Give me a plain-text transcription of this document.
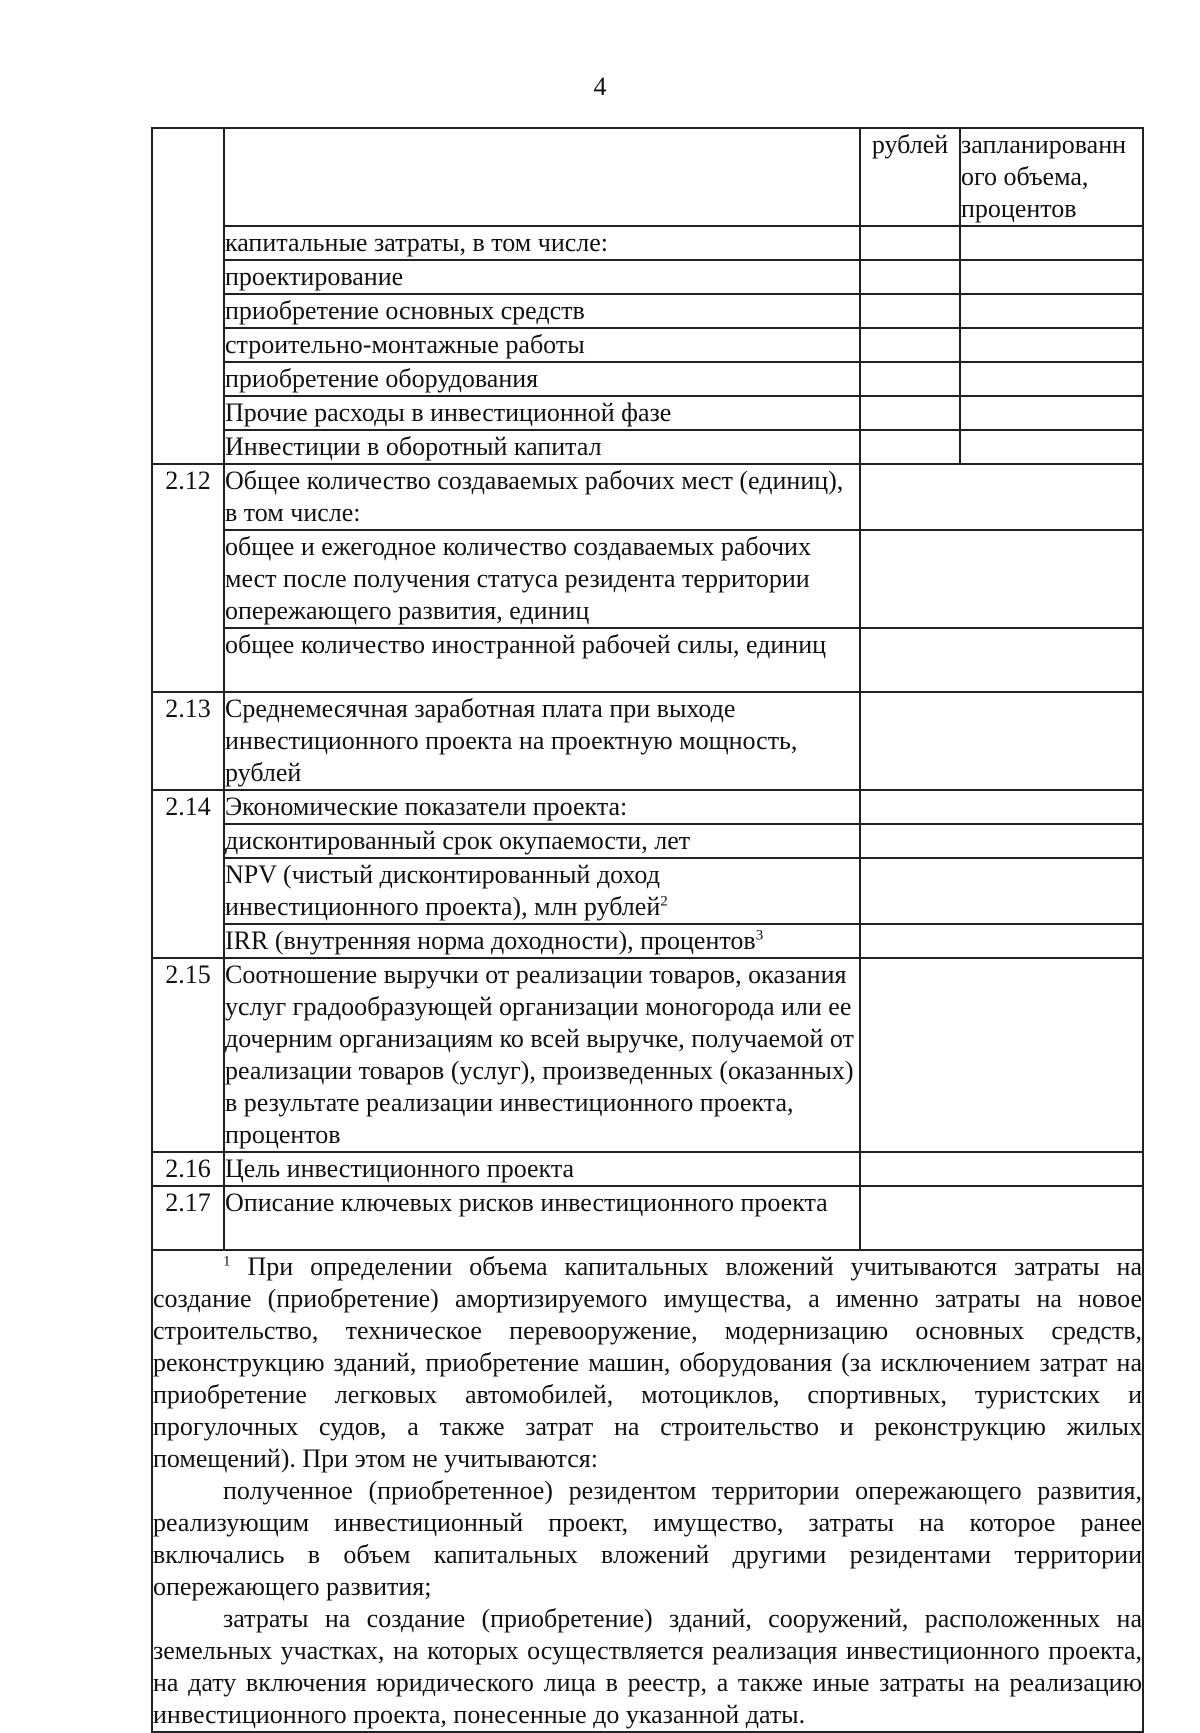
4
		рублей	запланированн ого объема, процентов
	капитальные затраты, в том числе:		
	проектирование		
	приобретение основных средств		
	строительно-монтажные работы		
	приобретение оборудования		
	Прочие расходы в инвестиционной фазе		
	Инвестиции в оборотный капитал		
2.12	Общее количество создаваемых рабочих мест (единиц), в том числе:		
	общее и ежегодное количество создаваемых рабочих мест после получения статуса резидента территории опережающего развития, единиц		
	общее количество иностранной рабочей силы, единиц		
2.13	Среднемесячная заработная плата при выходе инвестиционного проекта на проектную мощность, рублей		
2.14	Экономические показатели проекта:		
	дисконтированный срок окупаемости, лет		
	NPV (чистый дисконтированный доход инвестиционного проекта), млн рублей$^2$	
	IRR (внутренняя норма доходности), процентов$^3$	
2.15	Соотношение выручки от реализации товаров, оказания услуг градообразующей организации моногорода или ее дочерним организациям ко всей выручке, получаемой от реализации товаров (услуг), произведенных (оказанных) в результате реализации инвестиционного проекта, процентов		
2.16	Цель инвестиционного проекта		
2.17	Описание ключевых рисков инвестиционного проекта		

$^1$ При определении объема капитальных вложений учитываются затраты на создание (приобретение) амортизируемого имущества, а именно затраты на новое строительство, техническое перевооружение, модернизацию основных средств, реконструкцию зданий, приобретение машин, оборудования (за исключением затрат на приобретение легковых автомобилей, мотоциклов, спортивных, туристских и прогулочных судов, а также затрат на строительство и реконструкцию жилых помещений). При этом не учитываются:

полученное (приобретенное) резидентом территории опережающего развития, реализующим инвестиционный проект, имущество, затраты на которое ранее включались в объем капитальных вложений другими резидентами территории опережающего развития;

затраты на создание (приобретение) зданий, сооружений, расположенных на земельных участках, на которых осуществляется реализация инвестиционного проекта, на дату включения юридического лица в реестр, а также иные затраты на реализацию инвестиционного проекта, понесенные до указанной даты.			
